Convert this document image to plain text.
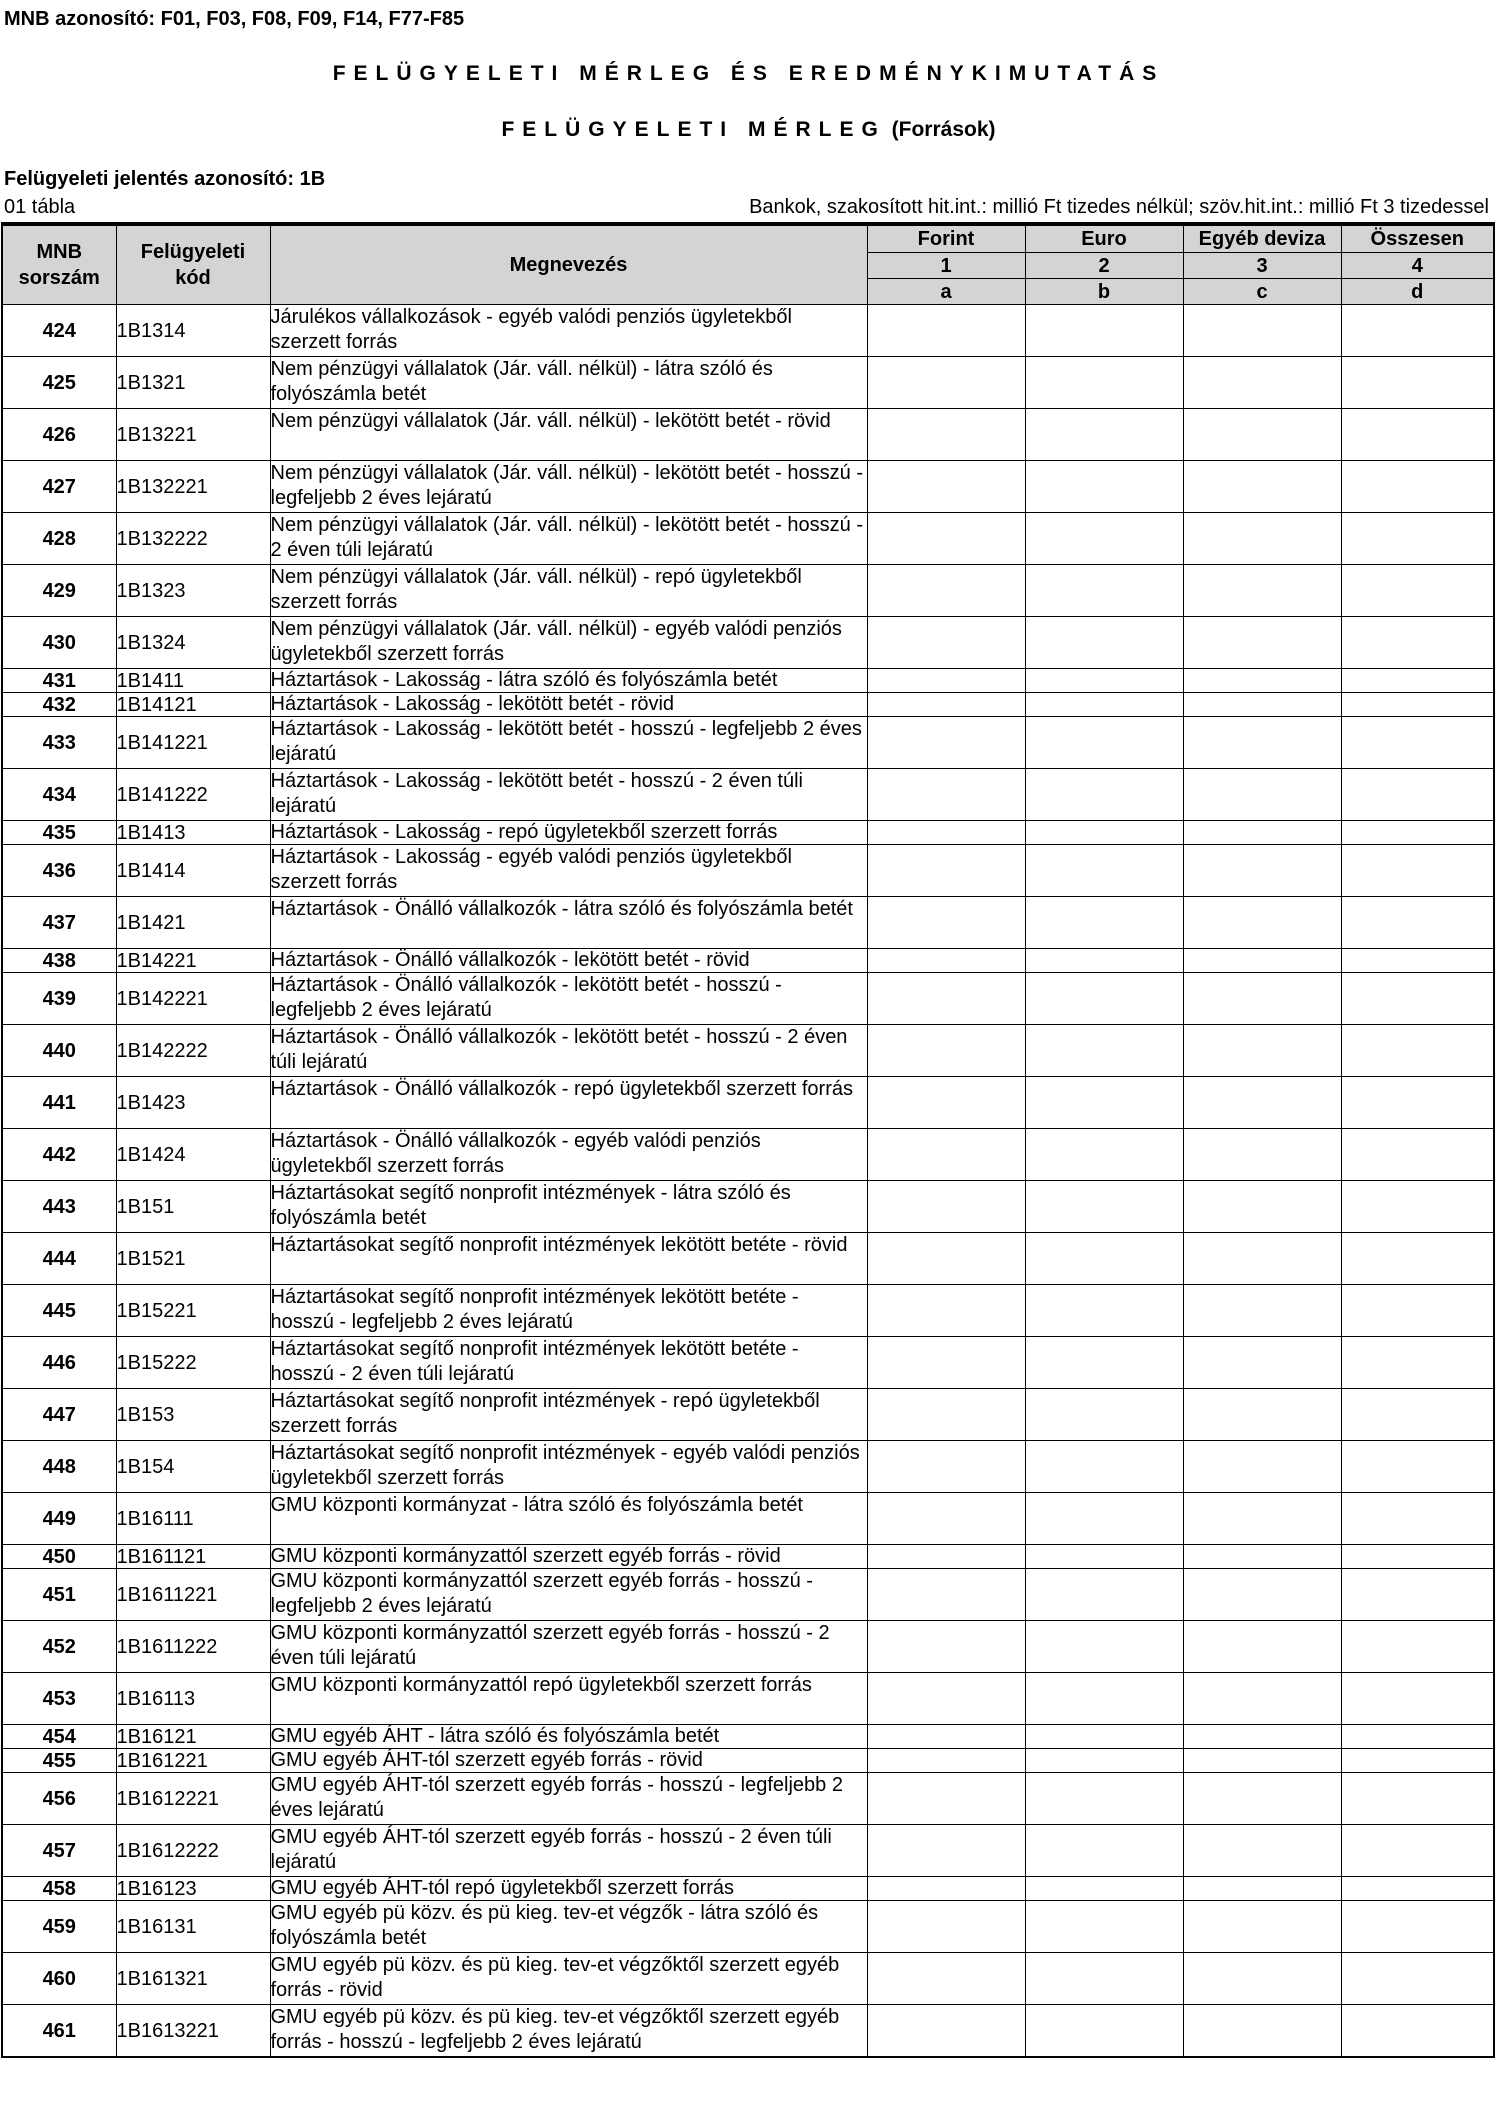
MNB azonosító: F01, F03, F08, F09, F14, F77-F85
FELÜGYELETI MÉRLEG ÉS EREDMÉNYKIMUTATÁS
FELÜGYELETI MÉRLEG (Források)
Felügyeleti jelentés azonosító: 1B
01 tábla	Bankok, szakosított hit.int.: millió Ft tizedes nélkül; szöv.hit.int.: millió Ft 3 tizedessel
MNB sorszám	Felügyeleti kód	Megnevezés	Forint	Euro	Egyéb deviza	Összesen
			1	2	3	4
			a	b	c	d
424	1B1314	Járulékos vállalkozások - egyéb valódi penziós ügyletekből szerzett forrás				

425	1B1321	Nem pénzügyi vállalatok (Jár. váll. nélkül) - látra szóló és folyószámla betét				

426	1B13221	Nem pénzügyi vállalatok (Jár. váll. nélkül) - lekötött betét - rövid				

427	1B132221	Nem pénzügyi vállalatok (Jár. váll. nélkül) - lekötött betét - hosszú - legfeljebb 2 éves lejáratú				

428	1B132222	Nem pénzügyi vállalatok (Jár. váll. nélkül) - lekötött betét - hosszú - 2 éven túli lejáratú				

429	1B1323	Nem pénzügyi vállalatok (Jár. váll. nélkül) - repó ügyletekből szerzett forrás				

430	1B1324	Nem pénzügyi vállalatok (Jár. váll. nélkül) - egyéb valódi penziós ügyletekből szerzett forrás				

431	1B1411	Háztartások - Lakosság - látra szóló és folyószámla betét				

432	1B14121	Háztartások - Lakosság - lekötött betét - rövid				

433	1B141221	Háztartások - Lakosság - lekötött betét - hosszú - legfeljebb 2 éves lejáratú				

434	1B141222	Háztartások - Lakosság - lekötött betét - hosszú - 2 éven túli lejáratú				

435	1B1413	Háztartások - Lakosság - repó ügyletekből szerzett forrás				

436	1B1414	Háztartások - Lakosság - egyéb valódi penziós ügyletekből szerzett forrás				

437	1B1421	Háztartások - Önálló vállalkozók - látra szóló és folyószámla betét				

438	1B14221	Háztartások - Önálló vállalkozók - lekötött betét - rövid				

439	1B142221	Háztartások - Önálló vállalkozók - lekötött betét - hosszú - legfeljebb 2 éves lejáratú				

440	1B142222	Háztartások - Önálló vállalkozók - lekötött betét - hosszú - 2 éven túli lejáratú				

441	1B1423	Háztartások - Önálló vállalkozók - repó ügyletekből szerzett forrás				

442	1B1424	Háztartások - Önálló vállalkozók - egyéb valódi penziós ügyletekből szerzett forrás				

443	1B151	Háztartásokat segítő nonprofit intézmények - látra szóló és folyószámla betét				

444	1B1521	Háztartásokat segítő nonprofit intézmények lekötött betéte - rövid				

445	1B15221	Háztartásokat segítő nonprofit intézmények lekötött betéte - hosszú - legfeljebb 2 éves lejáratú				

446	1B15222	Háztartásokat segítő nonprofit intézmények lekötött betéte - hosszú - 2 éven túli lejáratú				

447	1B153	Háztartásokat segítő nonprofit intézmények - repó ügyletekből szerzett forrás				

448	1B154	Háztartásokat segítő nonprofit intézmények - egyéb valódi penziós ügyletekből szerzett forrás				

449	1B16111	GMU központi kormányzat - látra szóló és folyószámla betét				

450	1B161121	GMU központi kormányzattól szerzett egyéb forrás - rövid				

451	1B1611221	GMU központi kormányzattól szerzett egyéb forrás - hosszú - legfeljebb 2 éves lejáratú				

452	1B1611222	GMU központi kormányzattól szerzett egyéb forrás - hosszú - 2 éven túli lejáratú				

453	1B16113	GMU központi kormányzattól repó ügyletekből szerzett forrás				

454	1B16121	GMU egyéb ÁHT - látra szóló és folyószámla betét				

455	1B161221	GMU egyéb ÁHT-tól szerzett egyéb forrás - rövid				

456	1B1612221	GMU egyéb ÁHT-tól szerzett egyéb forrás - hosszú - legfeljebb 2 éves lejáratú				

457	1B1612222	GMU egyéb ÁHT-tól szerzett egyéb forrás - hosszú - 2 éven túli lejáratú				

458	1B16123	GMU egyéb ÁHT-tól repó ügyletekből szerzett forrás				

459	1B16131	GMU egyéb pü közv. és pü kieg. tev-et végzők - látra szóló és folyószámla betét				

460	1B161321	GMU egyéb pü közv. és pü kieg. tev-et végzőktől szerzett egyéb forrás - rövid				

461	1B1613221	GMU egyéb pü közv. és pü kieg. tev-et végzőktől szerzett egyéb forrás - hosszú - legfeljebb 2 éves lejáratú				
